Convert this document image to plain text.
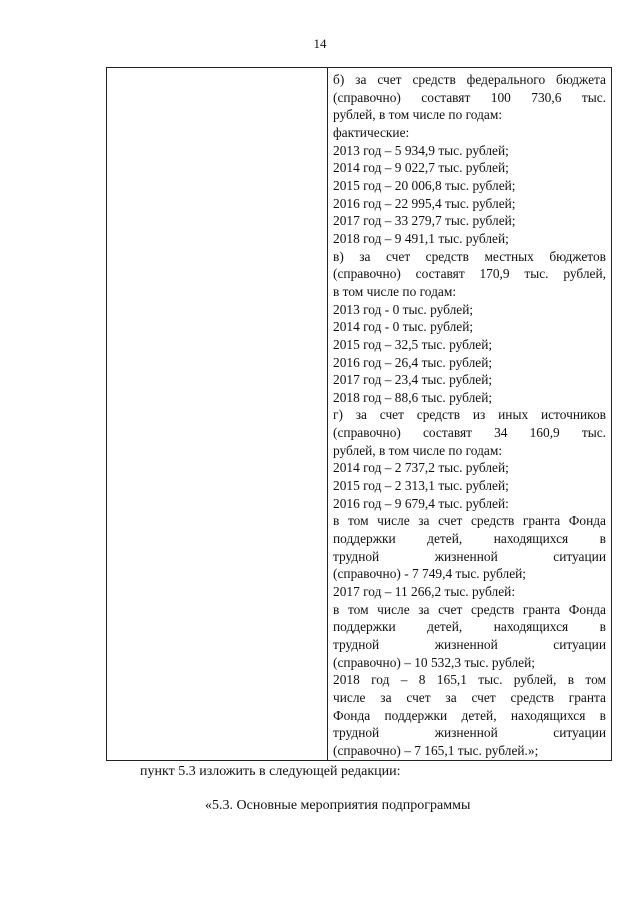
14

б) за счет средств федерального бюджета
(справочно) составят 100 730,6 тыс.
рублей, в том числе по годам:
фактические:
2013 год – 5 934,9 тыс. рублей;
2014 год – 9 022,7 тыс. рублей;
2015 год – 20 006,8 тыс. рублей;
2016 год – 22 995,4 тыс. рублей;
2017 год – 33 279,7 тыс. рублей;
2018 год – 9 491,1 тыс. рублей;
в) за счет средств местных бюджетов
(справочно) составят 170,9 тыс. рублей,
в том числе по годам:
2013 год - 0 тыс. рублей;
2014 год - 0 тыс. рублей;
2015 год – 32,5 тыс. рублей;
2016 год – 26,4 тыс. рублей;
2017 год – 23,4 тыс. рублей;
2018 год – 88,6 тыс. рублей;
г) за счет средств из иных источников
(справочно) составят 34 160,9 тыс.
рублей, в том числе по годам:
2014 год – 2 737,2 тыс. рублей;
2015 год – 2 313,1 тыс. рублей;
2016 год – 9 679,4 тыс. рублей:
в том числе за счет средств гранта Фонда
поддержки детей, находящихся в
трудной жизненной ситуации
(справочно) - 7 749,4 тыс. рублей;
2017 год – 11 266,2 тыс. рублей:
в том числе за счет средств гранта Фонда
поддержки детей, находящихся в
трудной жизненной ситуации
(справочно) – 10 532,3 тыс. рублей;
2018 год – 8 165,1 тыс. рублей, в том
числе за счет за счет средств гранта
Фонда поддержки детей, находящихся в
трудной жизненной ситуации
(справочно) – 7 165,1 тыс. рублей.»;
пункт 5.3 изложить в следующей редакции:
«5.3. Основные мероприятия подпрограммы
